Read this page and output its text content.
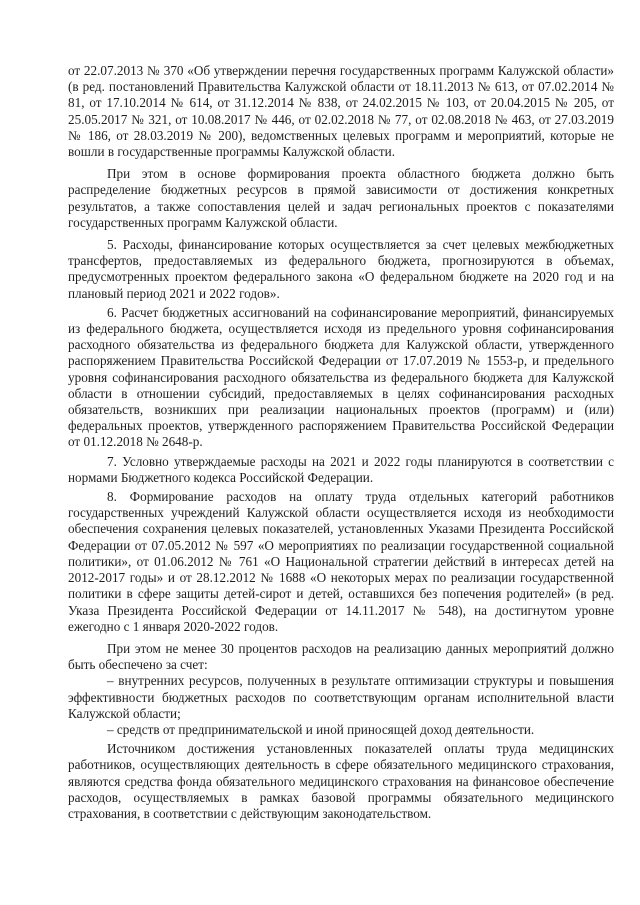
от 22.07.2013 № 370 «Об утверждении перечня государственных программ Калужской области» (в ред. постановлений Правительства Калужской области от 18.11.2013 № 613, от 07.02.2014 № 81, от 17.10.2014 № 614, от 31.12.2014 № 838, от 24.02.2015 № 103, от 20.04.2015 № 205, от 25.05.2017 № 321, от 10.08.2017 № 446, от 02.02.2018 № 77, от 02.08.2018 № 463, от 27.03.2019 № 186, от 28.03.2019 № 200), ведомственных целевых программ и мероприятий, которые не вошли в государственные программы Калужской области.

При этом в основе формирования проекта областного бюджета должно быть распределение бюджетных ресурсов в прямой зависимости от достижения конкретных результатов, а также сопоставления целей и задач региональных проектов с показателями государственных программ Калужской области.

5. Расходы, финансирование которых осуществляется за счет целевых межбюджетных трансфертов, предоставляемых из федерального бюджета, прогнозируются в объемах, предусмотренных проектом федерального закона «О федеральном бюджете на 2020 год и на плановый период 2021 и 2022 годов».

6. Расчет бюджетных ассигнований на софинансирование мероприятий, финансируемых из федерального бюджета, осуществляется исходя из предельного уровня софинансирования расходного обязательства из федерального бюджета для Калужской области, утвержденного распоряжением Правительства Российской Федерации от 17.07.2019 № 1553-р, и предельного уровня софинансирования расходного обязательства из федерального бюджета для Калужской области в отношении субсидий, предоставляемых в целях софинансирования расходных обязательств, возникших при реализации национальных проектов (программ) и (или) федеральных проектов, утвержденного распоряжением Правительства Российской Федерации от 01.12.2018 № 2648-р.

7. Условно утверждаемые расходы на 2021 и 2022 годы планируются в соответствии с нормами Бюджетного кодекса Российской Федерации.

8. Формирование расходов на оплату труда отдельных категорий работников государственных учреждений Калужской области осуществляется исходя из необходимости обеспечения сохранения целевых показателей, установленных Указами Президента Российской Федерации от 07.05.2012 № 597 «О мероприятиях по реализации государственной социальной политики», от 01.06.2012 № 761 «О Национальной стратегии действий в интересах детей на 2012-2017 годы» и от 28.12.2012 № 1688 «О некоторых мерах по реализации государственной политики в сфере защиты детей-сирот и детей, оставшихся без попечения родителей» (в ред. Указа Президента Российской Федерации от 14.11.2017 № 548), на достигнутом уровне ежегодно с 1 января 2020-2022 годов.

При этом не менее 30 процентов расходов на реализацию данных мероприятий должно быть обеспечено за счет:

– внутренних ресурсов, полученных в результате оптимизации структуры и повышения эффективности бюджетных расходов по соответствующим органам исполнительной власти Калужской области;

– средств от предпринимательской и иной приносящей доход деятельности.

Источником достижения установленных показателей оплаты труда медицинских работников, осуществляющих деятельность в сфере обязательного медицинского страхования, являются средства фонда обязательного медицинского страхования на финансовое обеспечение расходов, осуществляемых в рамках базовой программы обязательного медицинского страхования, в соответствии с действующим законодательством.
